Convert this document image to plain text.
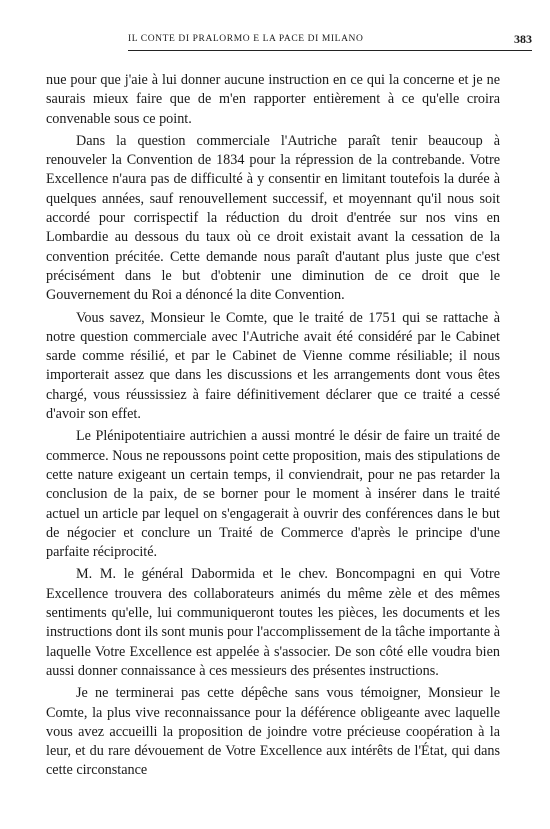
IL CONTE DI PRALORMO E LA PACE DI MILANO	383

nue pour que j'aie à lui donner aucune instruction en ce qui la concerne et je ne saurais mieux faire que de m'en rapporter entièrement à ce qu'elle croira convenable sous ce point.

Dans la question commerciale l'Autriche paraît tenir beaucoup à renouveler la Convention de 1834 pour la répression de la contrebande. Votre Excellence n'aura pas de difficulté à y consentir en limitant toutefois la durée à quelques années, sauf renouvellement successif, et moyennant qu'il nous soit accordé pour corrispectif la réduction du droit d'entrée sur nos vins en Lombardie au dessous du taux où ce droit existait avant la cessation de la convention précitée. Cette demande nous paraît d'autant plus juste que c'est précisément dans le but d'obtenir une diminution de ce droit que le Gouvernement du Roi a dénoncé la dite Convention.

Vous savez, Monsieur le Comte, que le traité de 1751 qui se rattache à notre question commerciale avec l'Autriche avait été considéré par le Cabinet sarde comme résilié, et par le Cabinet de Vienne comme résiliable; il nous importerait assez que dans les discussions et les arrangements dont vous êtes chargé, vous réussissiez à faire définitivement déclarer que ce traité a cessé d'avoir son effet.

Le Plénipotentiaire autrichien a aussi montré le désir de faire un traité de commerce. Nous ne repoussons point cette proposition, mais des stipulations de cette nature exigeant un certain temps, il conviendrait, pour ne pas retarder la conclusion de la paix, de se borner pour le moment à insérer dans le traité actuel un article par lequel on s'engagerait à ouvrir des conférences dans le but de négocier et conclure un Traité de Commerce d'après le principe d'une parfaite réciprocité.

M. M. le général Dabormida et le chev. Boncompagni en qui Votre Excellence trouvera des collaborateurs animés du même zèle et des mêmes sentiments qu'elle, lui communiqueront toutes les pièces, les documents et les instructions dont ils sont munis pour l'accomplissement de la tâche importante à laquelle Votre Excellence est appelée à s'associer. De son côté elle voudra bien aussi donner connaissance à ces messieurs des présentes instructions.

Je ne terminerai pas cette dépêche sans vous témoigner, Monsieur le Comte, la plus vive reconnaissance pour la déférence obligeante avec laquelle vous avez accueilli la proposition de joindre votre précieuse coopération à la leur, et du rare dévouement de Votre Excellence aux intérêts de l'État, qui dans cette circonstance
